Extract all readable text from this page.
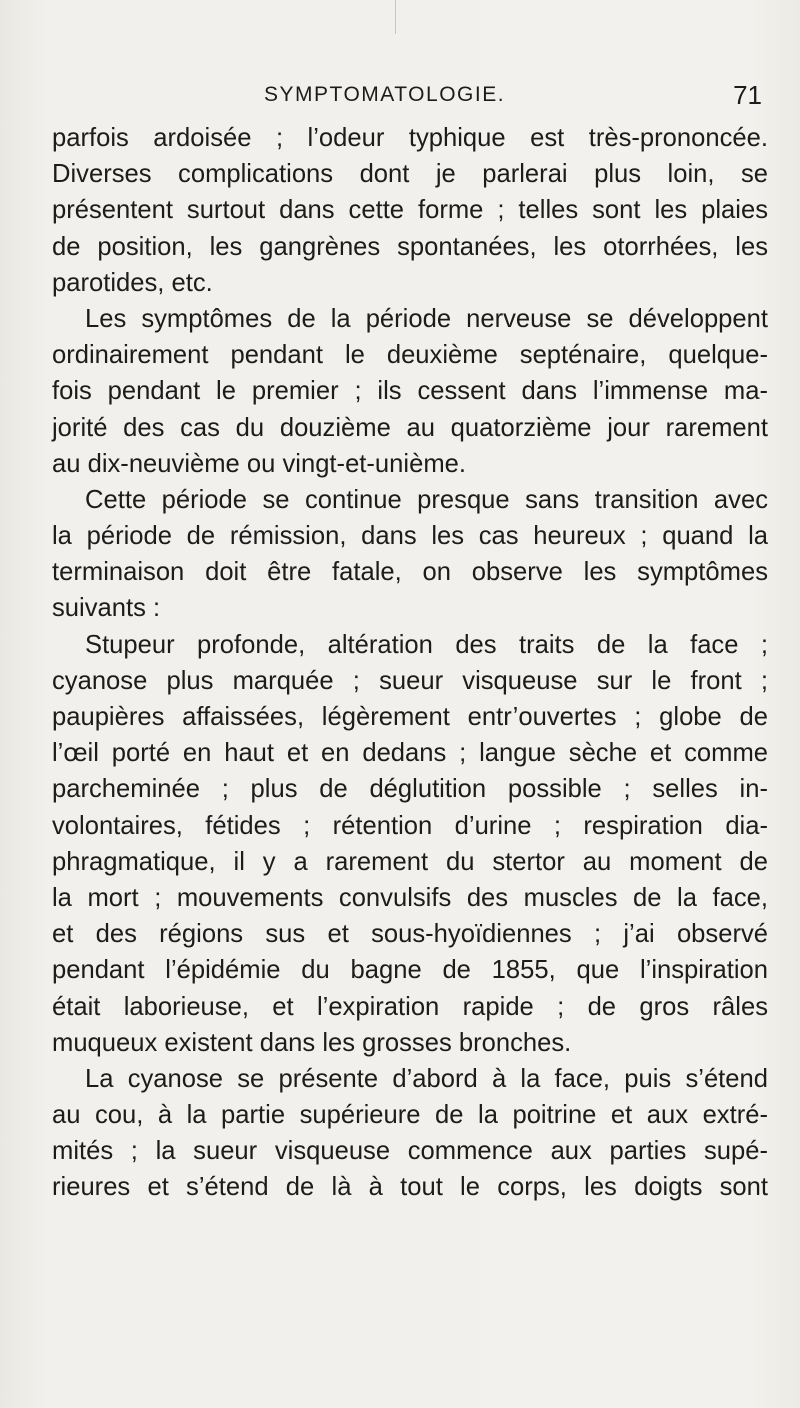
SYMPTOMATOLOGIE.	71
parfois ardoisée ; l’odeur typhique est très-prononcée.
Diverses complications dont je parlerai plus loin, se
présentent surtout dans cette forme ; telles sont les plaies
de position, les gangrènes spontanées, les otorrhées, les
parotides, etc.
Les symptômes de la période nerveuse se développent
ordinairement pendant le deuxième septénaire, quelque-
fois pendant le premier ; ils cessent dans l’immense ma-
jorité des cas du douzième au quatorzième jour rarement
au dix-neuvième ou vingt-et-unième.
Cette période se continue presque sans transition avec
la période de rémission, dans les cas heureux ; quand la
terminaison doit être fatale, on observe les symptômes
suivants :
Stupeur profonde, altération des traits de la face ;
cyanose plus marquée ; sueur visqueuse sur le front ;
paupières affaissées, légèrement entr’ouvertes ; globe de
l’œil porté en haut et en dedans ; langue sèche et comme
parcheminée ; plus de déglutition possible ; selles in-
volontaires, fétides ; rétention d’urine ; respiration dia-
phragmatique, il y a rarement du stertor au moment de
la mort ; mouvements convulsifs des muscles de la face,
et des régions sus et sous-hyoïdiennes ; j’ai observé
pendant l’épidémie du bagne de 1855, que l’inspiration
était laborieuse, et l’expiration rapide ; de gros râles
muqueux existent dans les grosses bronches.
La cyanose se présente d’abord à la face, puis s’étend
au cou, à la partie supérieure de la poitrine et aux extré-
mités ; la sueur visqueuse commence aux parties supé-
rieures et s’étend de là à tout le corps, les doigts sont
